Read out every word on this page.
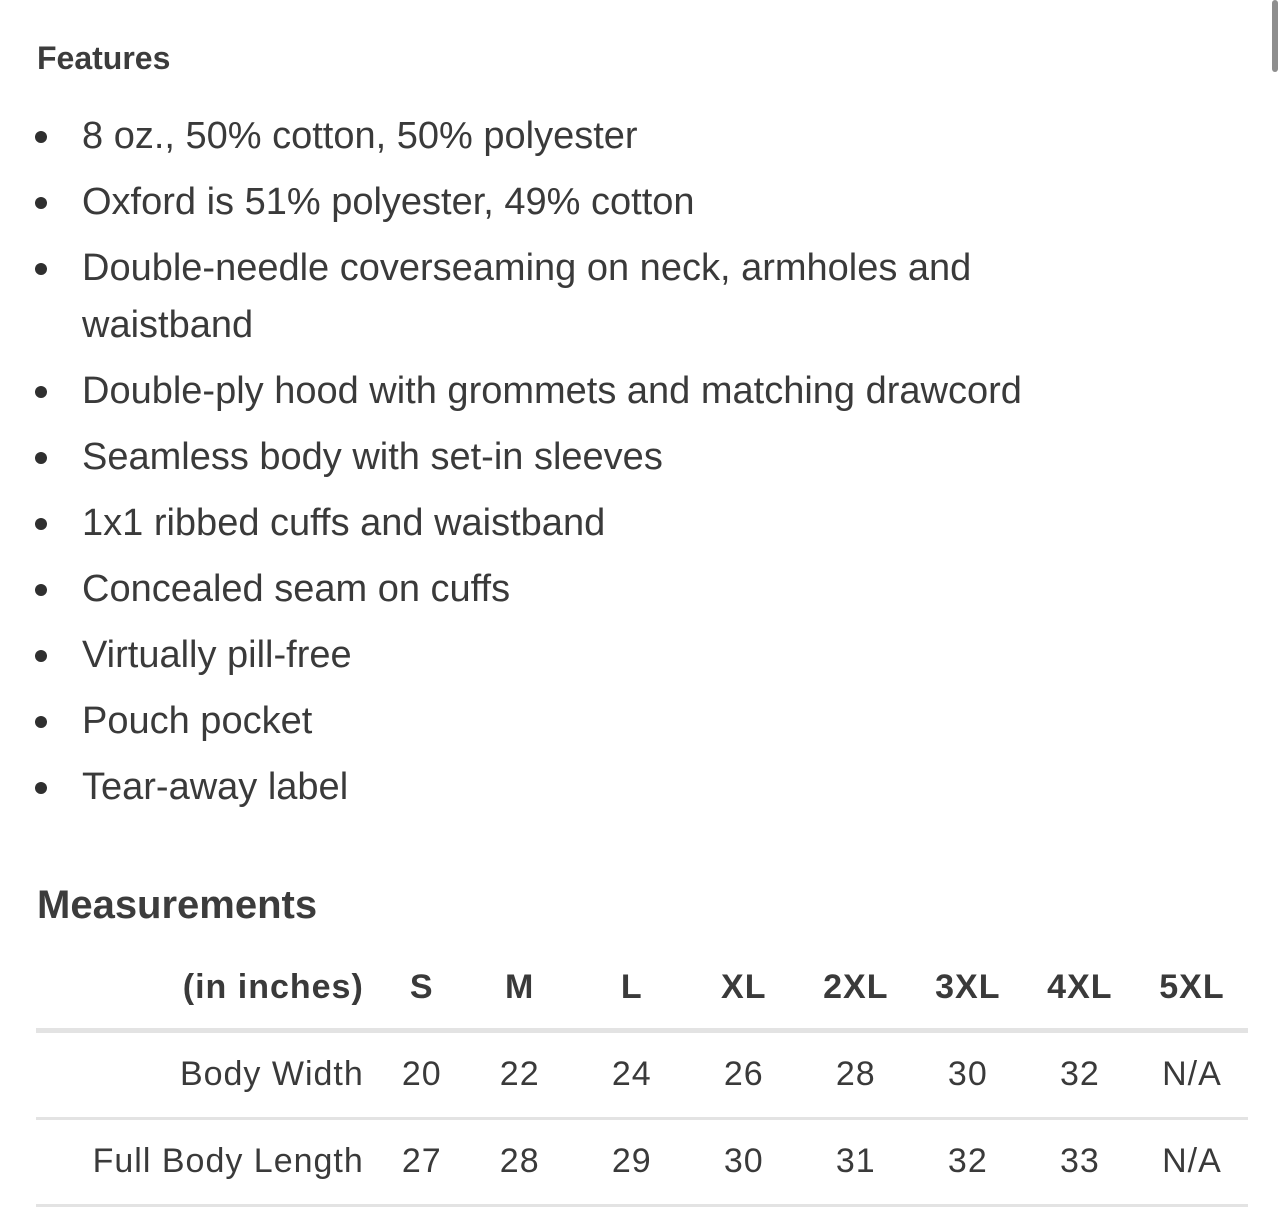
Features
8 oz., 50% cotton, 50% polyester
Oxford is 51% polyester, 49% cotton
Double-needle coverseaming on neck, armholes and
waistband
Double-ply hood with grommets and matching drawcord
Seamless body with set-in sleeves
1x1 ribbed cuffs and waistband
Concealed seam on cuffs
Virtually pill-free
Pouch pocket
Tear-away label
Measurements
(in inches)	S	M	L	XL	2XL	3XL	4XL	5XL
Body Width	20	22	24	26	28	30	32	N/A
Full Body Length	27	28	29	30	31	32	33	N/A
